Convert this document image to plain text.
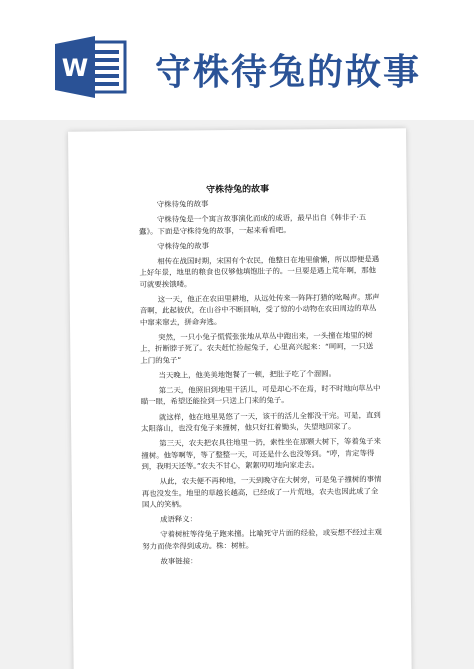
W 守株待兔的故事
守株待兔的故事

守株待兔的故事

守株待兔是一个寓言故事演化而成的成语，最早出自《韩非子·五蠹》。下面是守株待兔的故事，一起来看看吧。

守株待兔的故事

相传在战国时期，宋国有个农民，他整日在地里偷懒，所以即便是遇上好年景，地里的粮食也仅够他填饱肚子的。一旦要是遇上荒年啊，那他可就要挨饿喽。

这一天，他正在农田里耕地，从远处传来一阵阵打猎的吆喝声。那声音啊，此起彼伏，在山谷中不断回响，受了惊的小动物在农田周边的草丛中窜来窜去，拼命奔逃。

突然，一只小兔子慌慌张张地从草丛中跑出来，一头撞在地里的树上，折断脖子死了。农夫赶忙捡起兔子，心里高兴起来：“呵呵，一只送上门的兔子”

当天晚上，他美美地饱餐了一顿，把肚子吃了个溜圆。

第二天，他照旧到地里干活儿，可是却心不在焉，时不时地向草丛中瞄一眼，希望还能捡到一只送上门来的兔子。

就这样，他在地里晃悠了一天，该干的活儿全都没干完。可是，直到太阳落山，也没有兔子来撞树，他只好扛着锄头，失望地回家了。

第三天，农夫把农具往地里一扔，索性坐在那颗大树下，等着兔子来撞树。他等啊等，等了整整一天，可还是什么也没等到。“哼，肯定等得到，我明天还等。”农夫不甘心，絮絮叨叨地向家走去。

从此，农夫便不再种地，一天到晚守在大树旁，可是兔子撞树的事情再也没发生。地里的草越长越高，已经成了一片荒地，农夫也因此成了全国人的笑柄。

成语释义：

守着树桩等待兔子跑来撞。比喻死守片面的经验，或妄想不经过主观努力而侥幸得到成功。株：树桩。

故事链接：
